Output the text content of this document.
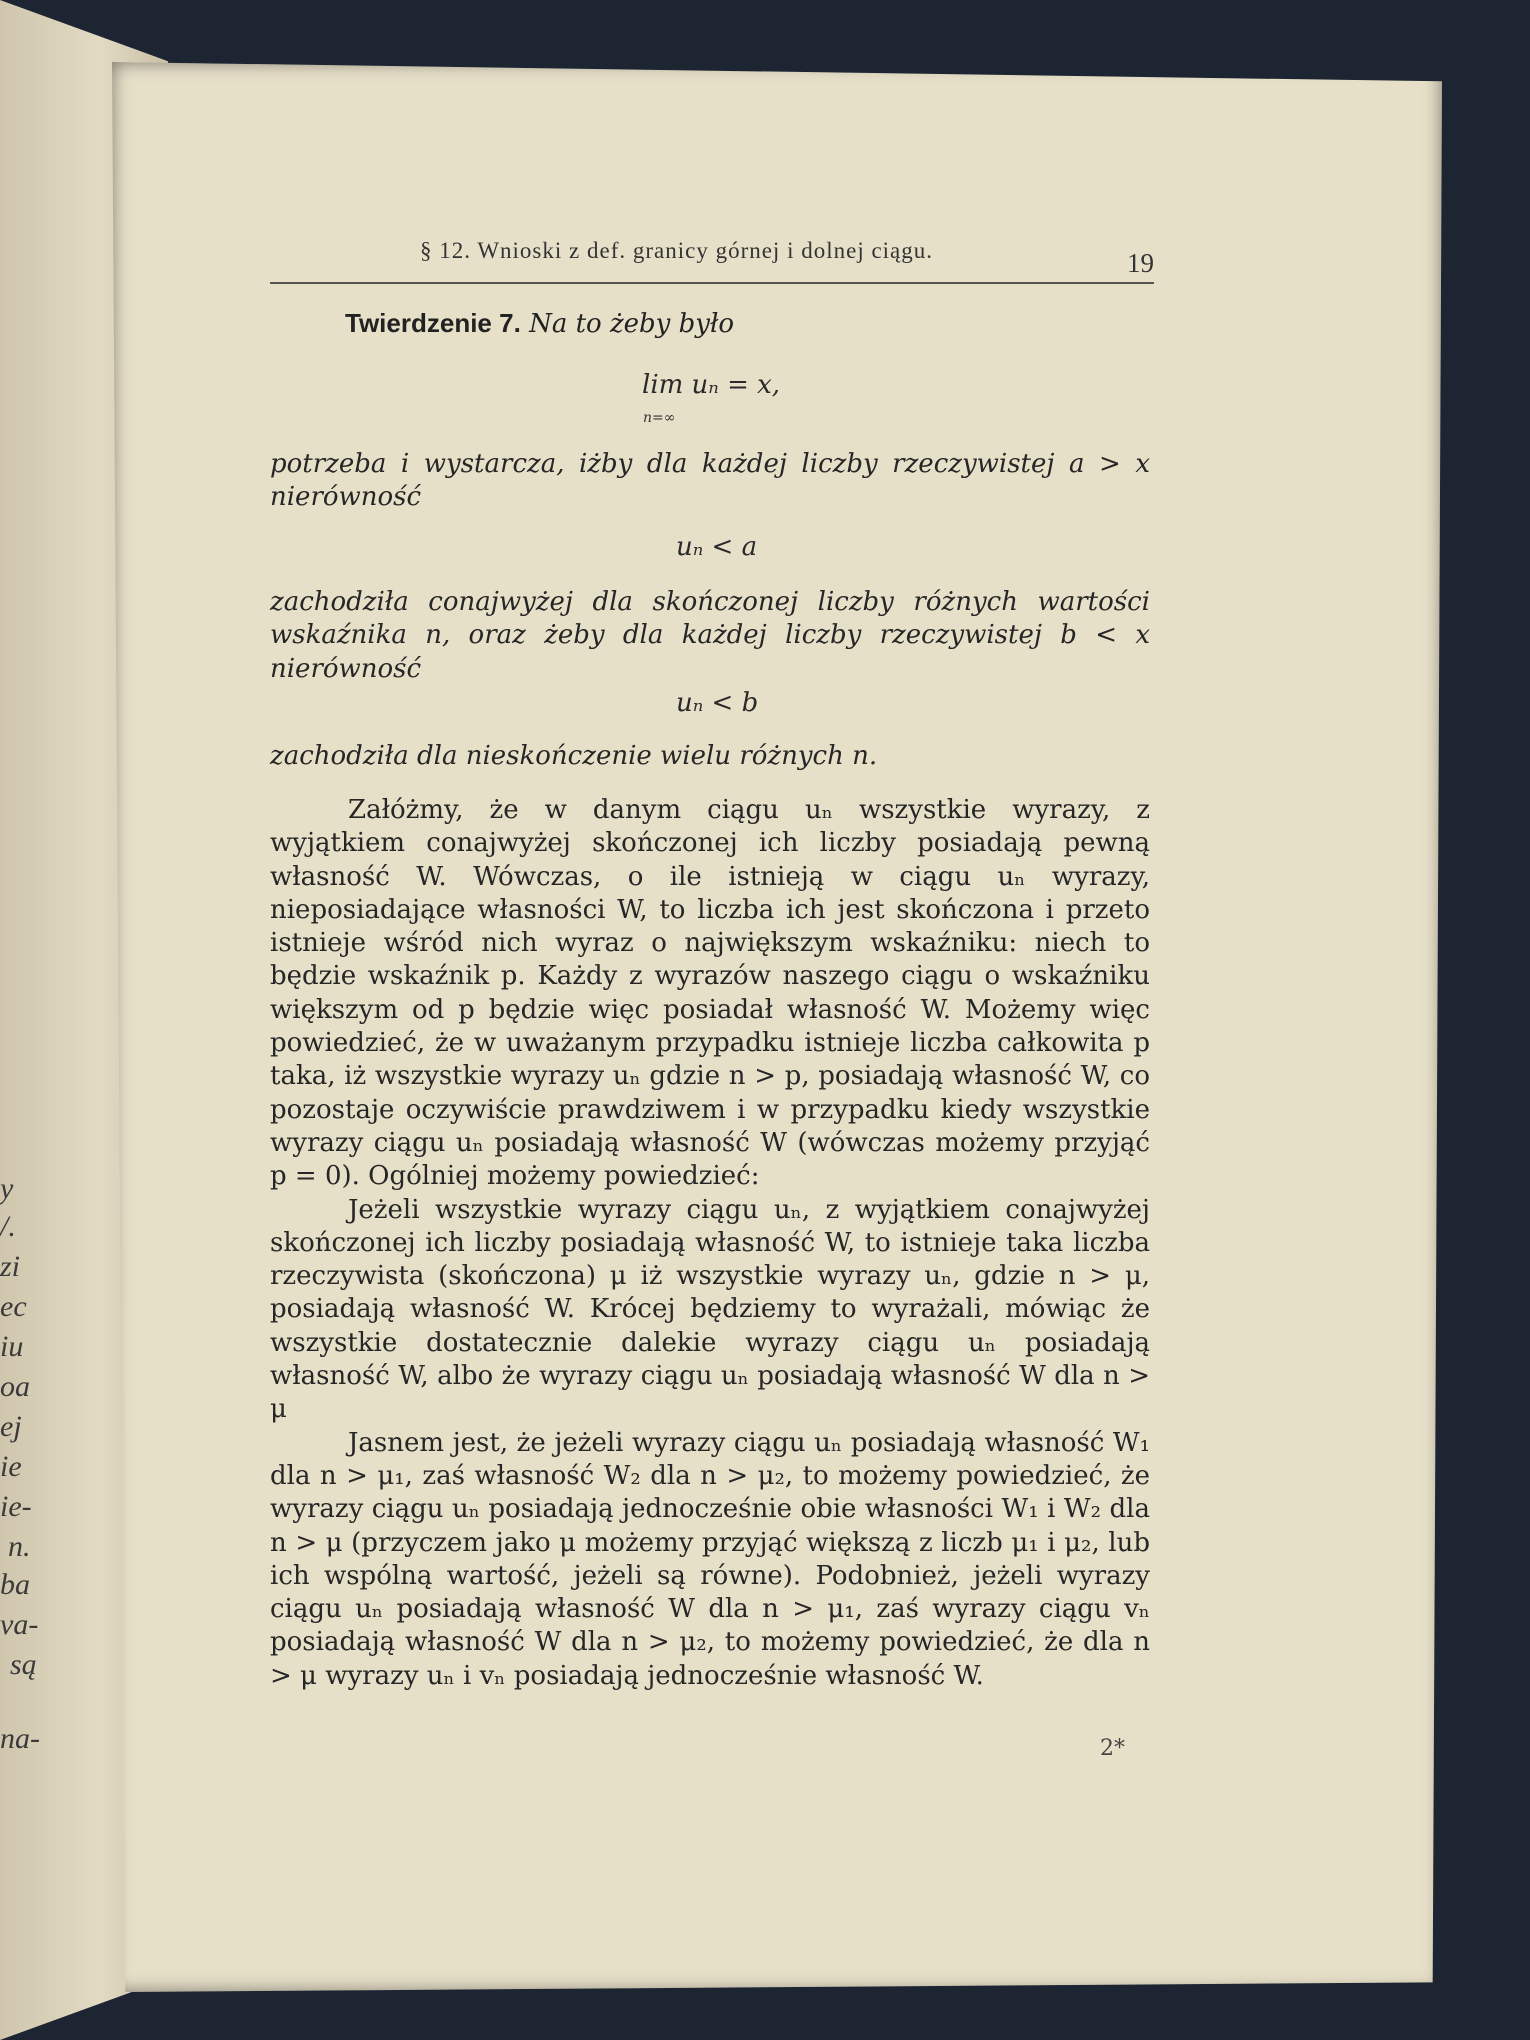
y
/.
zi
ec
iu
oa
ej
ie
ie-
n.
ba
va-
są
na-
§ 12. Wnioski z def. granicy górnej i dolnej ciągu.	19
Twierdzenie 7. Na to żeby było
lim uₙ = x,
n=∞
potrzeba i wystarcza, iżby dla każdej liczby rzeczywistej a > x nierówność
uₙ < a
zachodziła conajwyżej dla skończonej liczby różnych wartości wskaźnika n, oraz żeby dla każdej liczby rzeczywistej b < x nierówność
uₙ < b
zachodziła dla nieskończenie wielu różnych n.

Załóżmy, że w danym ciągu uₙ wszystkie wyrazy, z wyjątkiem conajwyżej skończonej ich liczby posiadają pewną własność W. Wówczas, o ile istnieją w ciągu uₙ wyrazy, nieposiadające własności W, to liczba ich jest skończona i przeto istnieje wśród nich wyraz o największym wskaźniku: niech to będzie wskaźnik p. Każdy z wyrazów naszego ciągu o wskaźniku większym od p będzie więc posiadał własność W. Możemy więc powiedzieć, że w uważanym przypadku istnieje liczba całkowita p taka, iż wszystkie wyrazy uₙ gdzie n > p, posiadają własność W, co pozostaje oczywiście prawdziwem i w przypadku kiedy wszystkie wyrazy ciągu uₙ posiadają własność W (wówczas możemy przyjąć p = 0). Ogólniej możemy powiedzieć:

Jeżeli wszystkie wyrazy ciągu uₙ, z wyjątkiem conajwyżej skończonej ich liczby posiadają własność W, to istnieje taka liczba rzeczywista (skończona) μ iż wszystkie wyrazy uₙ, gdzie n > μ, posiadają własność W. Krócej będziemy to wyrażali, mówiąc że wszystkie dostatecznie dalekie wyrazy ciągu uₙ posiadają własność W, albo że wyrazy ciągu uₙ posiadają własność W dla n > μ

Jasnem jest, że jeżeli wyrazy ciągu uₙ posiadają własność W₁ dla n > μ₁, zaś własność W₂ dla n > μ₂, to możemy powiedzieć, że wyrazy ciągu uₙ posiadają jednocześnie obie własności W₁ i W₂ dla n > μ (przyczem jako μ możemy przyjąć większą z liczb μ₁ i μ₂, lub ich wspólną wartość, jeżeli są równe). Podobnież, jeżeli wyrazy ciągu uₙ posiadają własność W dla n > μ₁, zaś wyrazy ciągu vₙ posiadają własność W dla n > μ₂, to możemy powiedzieć, że dla n > μ wyrazy uₙ i vₙ posiadają jednocześnie własność W.

2*
